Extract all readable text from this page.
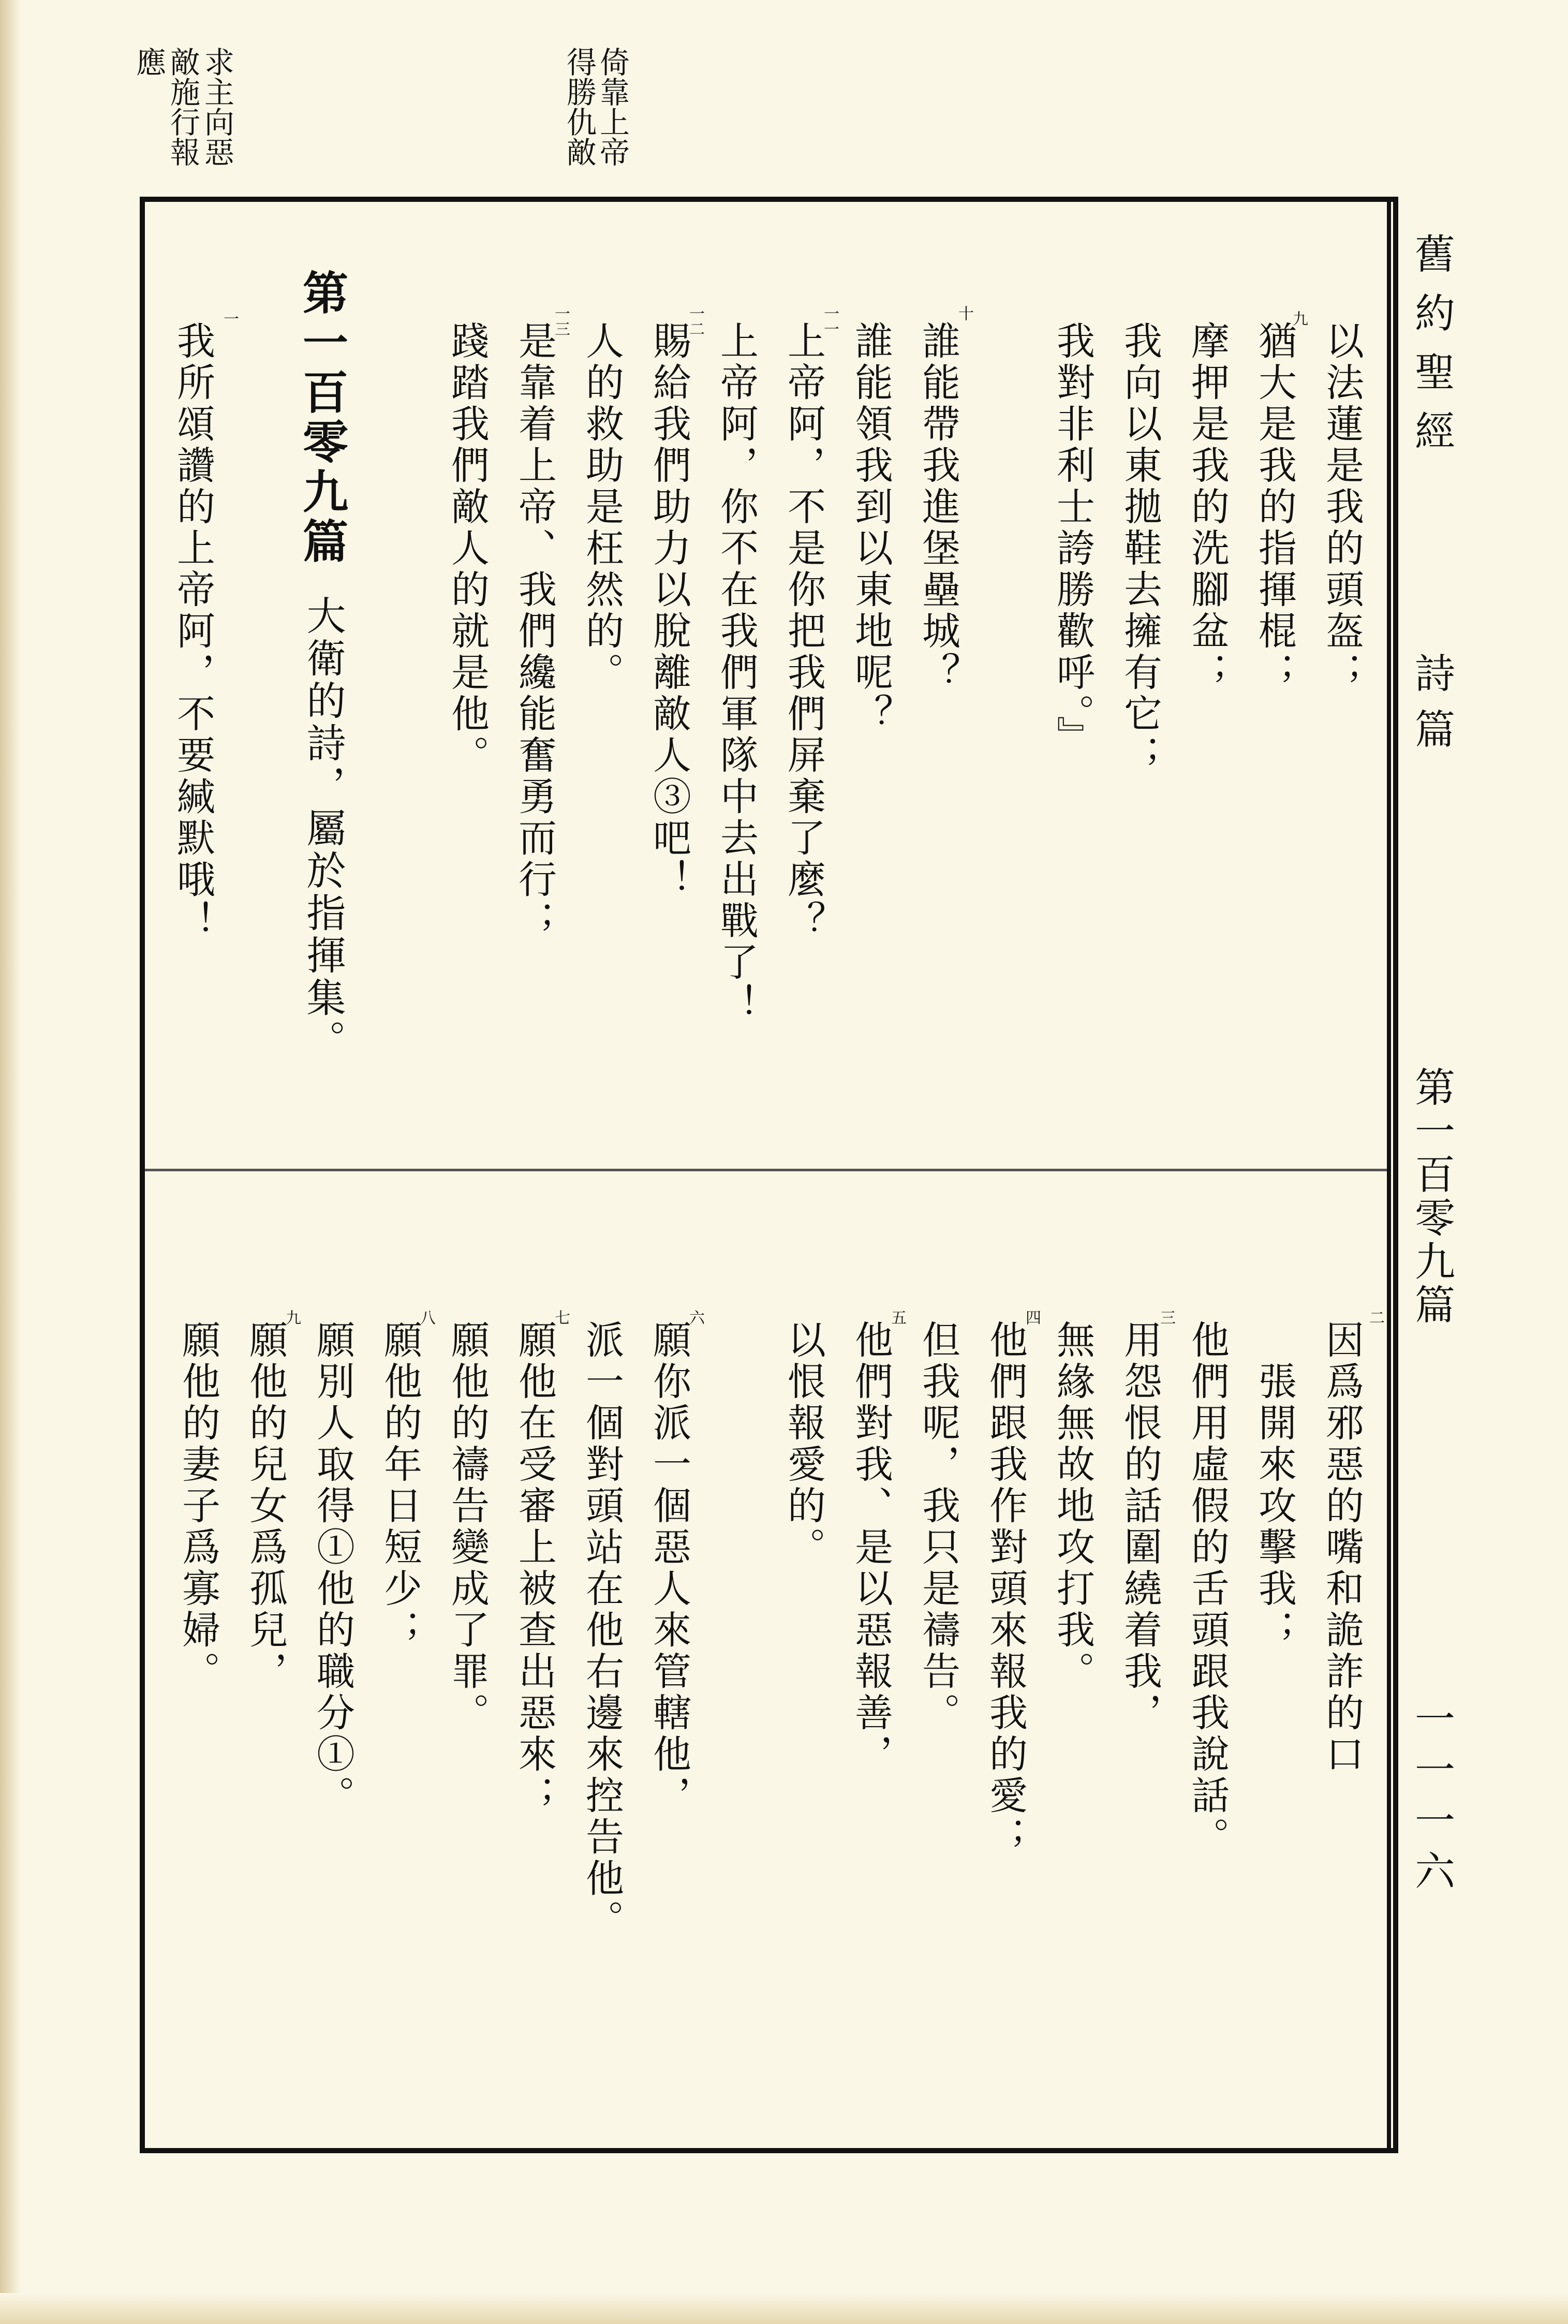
倚靠上帝
得勝仇敵
求主向惡
敵施行報
應
舊約聖經
詩篇
第一百零九篇
一一一六
以法蓮是我的頭盔；
九
猶大是我的指揮棍；
摩押是我的洗腳盆；
我向以東拋鞋去擁有它；
我對非利士誇勝歡呼。』
十
誰能帶我進堡壘城？
誰能領我到以東地呢？
一一
上帝阿，不是你把我們屏棄了麼？
上帝阿，你不在我們軍隊中去出戰了！
一二
賜給我們助力以脫離敵人③吧！
人的救助是枉然的。
一三
是靠着上帝、我們纔能奮勇而行；
踐踏我們敵人的就是他。
第一百零九篇
大衛的詩，屬於指揮集。
一
我所頌讚的上帝阿，不要緘默哦！
二
因爲邪惡的嘴和詭詐的口
張開來攻擊我；
他們用虛假的舌頭跟我說話。
三
用怨恨的話圍繞着我，
無緣無故地攻打我。
四
他們跟我作對頭來報我的愛；
但我呢，我只是禱告。
五
他們對我、是以惡報善，
以恨報愛的。
六
願你派一個惡人來管轄他，
派一個對頭站在他右邊來控告他。
七
願他在受審上被查出惡來；
願他的禱告變成了罪。
八
願他的年日短少；
願別人取得①他的職分①。
九
願他的兒女爲孤兒，
願他的妻子爲寡婦。
